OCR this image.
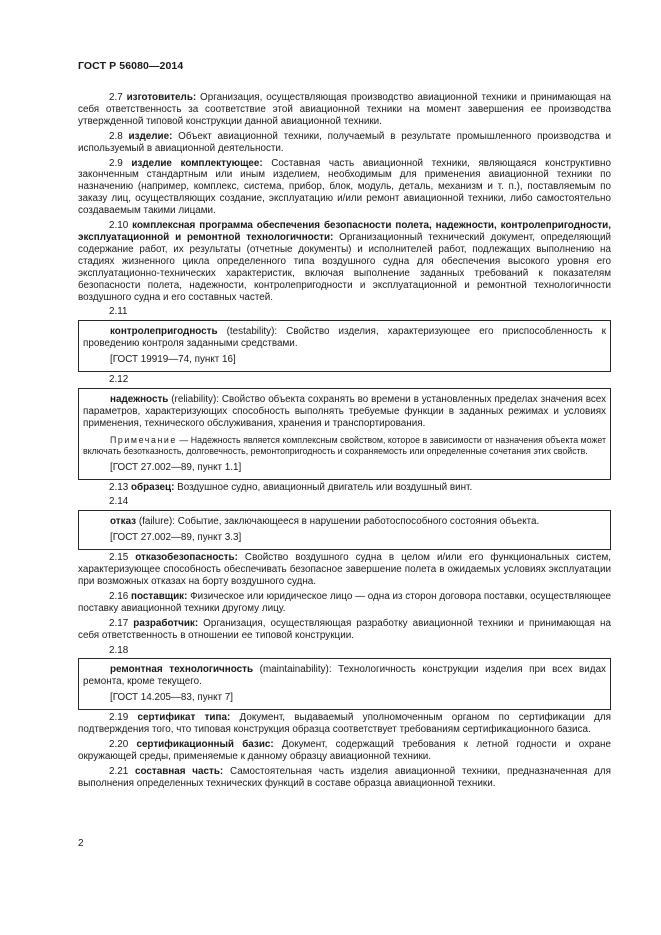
ГОСТ Р 56080—2014

2.7 изготовитель: Организация, осуществляющая производство авиационной техники и принимающая на себя ответственность за соответствие этой авиационной техники на момент завершения ее производства утвержденной типовой конструкции данной авиационной техники.

2.8 изделие: Объект авиационной техники, получаемый в результате промышленного производства и используемый в авиационной деятельности.

2.9 изделие комплектующее: Составная часть авиационной техники, являющаяся конструктивно законченным стандартным или иным изделием, необходимым для применения авиационной техники по назначению (например, комплекс, система, прибор, блок, модуль, деталь, механизм и т. п.), поставляемым по заказу лиц, осуществляющих создание, эксплуатацию и/или ремонт авиационной техники, либо самостоятельно создаваемым такими лицами.

2.10 комплексная программа обеспечения безопасности полета, надежности, контролепригодности, эксплуатационной и ремонтной технологичности: Организационный технический документ, определяющий содержание работ, их результаты (отчетные документы) и исполнителей работ, подлежащих выполнению на стадиях жизненного цикла определенного типа воздушного судна для обеспечения высокого уровня его эксплуатационно-технических характеристик, включая выполнение заданных требований к показателям безопасности полета, надежности, контролепригодности и эксплуатационной и ремонтной технологичности воздушного судна и его составных частей.

2.11

контролепригодность (testability): Свойство изделия, характеризующее его приспособленность к проведению контроля заданными средствами.

[ГОСТ 19919—74, пункт 16]
2.12

надежность (reliability): Свойство объекта сохранять во времени в установленных пределах значения всех параметров, характеризующих способность выполнять требуемые функции в заданных режимах и условиях применения, технического обслуживания, хранения и транспортирования.

Примечание — Надежность является комплексным свойством, которое в зависимости от назначения объекта может включать безотказность, долговечность, ремонтопригодность и сохраняемость или определенные сочетания этих свойств.

[ГОСТ 27.002—89, пункт 1.1]

2.13 образец: Воздушное судно, авиационный двигатель или воздушный винт.

2.14

отказ (failure): Событие, заключающееся в нарушении работоспособного состояния объекта.

[ГОСТ 27.002—89, пункт 3.3]

2.15 отказобезопасность: Свойство воздушного судна в целом и/или его функциональных систем, характеризующее способность обеспечивать безопасное завершение полета в ожидаемых условиях эксплуатации при возможных отказах на борту воздушного судна.

2.16 поставщик: Физическое или юридическое лицо — одна из сторон договора поставки, осуществляющее поставку авиационной техники другому лицу.

2.17 разработчик: Организация, осуществляющая разработку авиационной техники и принимающая на себя ответственность в отношении ее типовой конструкции.

2.18

ремонтная технологичность (maintainability): Технологичность конструкции изделия при всех видах ремонта, кроме текущего.

[ГОСТ 14.205—83, пункт 7]

2.19 сертификат типа: Документ, выдаваемый уполномоченным органом по сертификации для подтверждения того, что типовая конструкция образца соответствует требованиям сертификационного базиса.

2.20 сертификационный базис: Документ, содержащий требования к летной годности и охране окружающей среды, применяемые к данному образцу авиационной техники.

2.21 составная часть: Самостоятельная часть изделия авиационной техники, предназначенная для выполнения определенных технических функций в составе образца авиационной техники.

2
